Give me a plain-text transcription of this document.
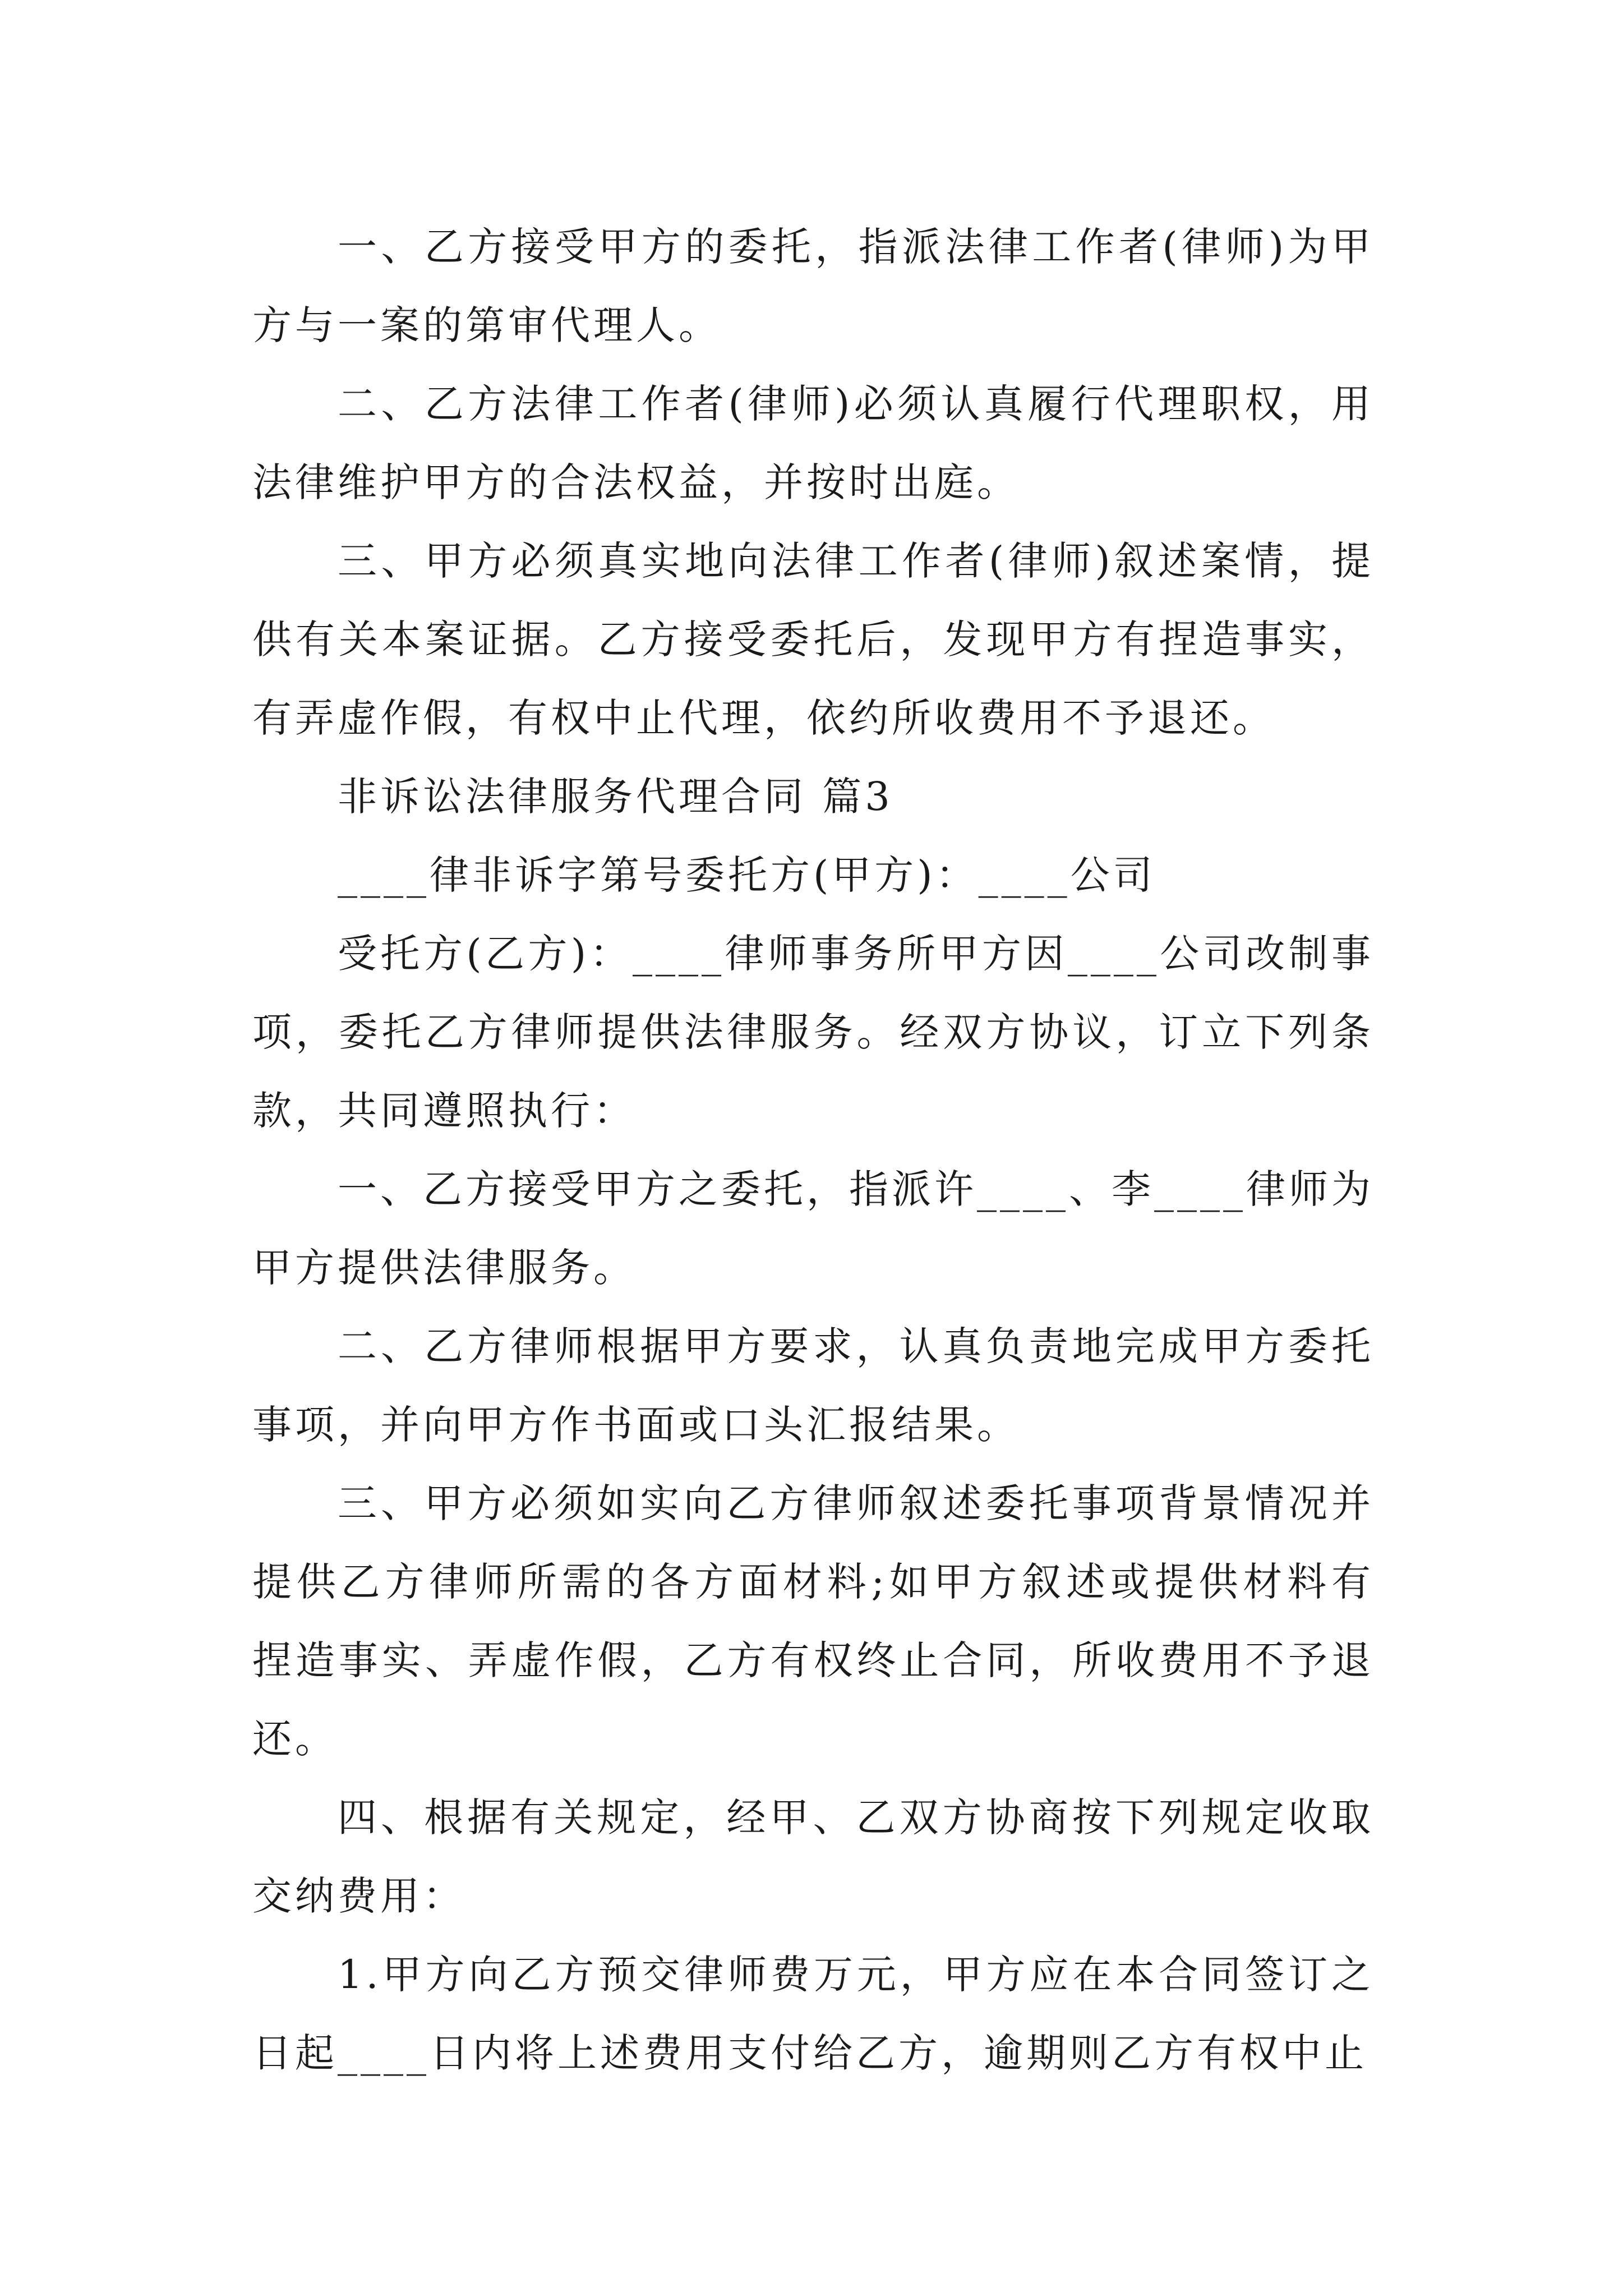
一、乙方接受甲方的委托，指派法律工作者(律师)为甲方与一案的第审代理人。

二、乙方法律工作者(律师)必须认真履行代理职权，用法律维护甲方的合法权益，并按时出庭。

三、甲方必须真实地向法律工作者(律师)叙述案情，提供有关本案证据。乙方接受委托后，发现甲方有捏造事实，有弄虚作假，有权中止代理，依约所收费用不予退还。

非诉讼法律服务代理合同 篇3

____律非诉字第号委托方(甲方)：____公司

受托方(乙方)：____律师事务所甲方因____公司改制事项，委托乙方律师提供法律服务。经双方协议，订立下列条款，共同遵照执行：

一、乙方接受甲方之委托，指派许____、李____律师为甲方提供法律服务。

二、乙方律师根据甲方要求，认真负责地完成甲方委托事项，并向甲方作书面或口头汇报结果。

三、甲方必须如实向乙方律师叙述委托事项背景情况并提供乙方律师所需的各方面材料;如甲方叙述或提供材料有捏造事实、弄虚作假，乙方有权终止合同，所收费用不予退还。

四、根据有关规定，经甲、乙双方协商按下列规定收取交纳费用：

1.甲方向乙方预交律师费万元，甲方应在本合同签订之日起____日内将上述费用支付给乙方，逾期则乙方有权中止
